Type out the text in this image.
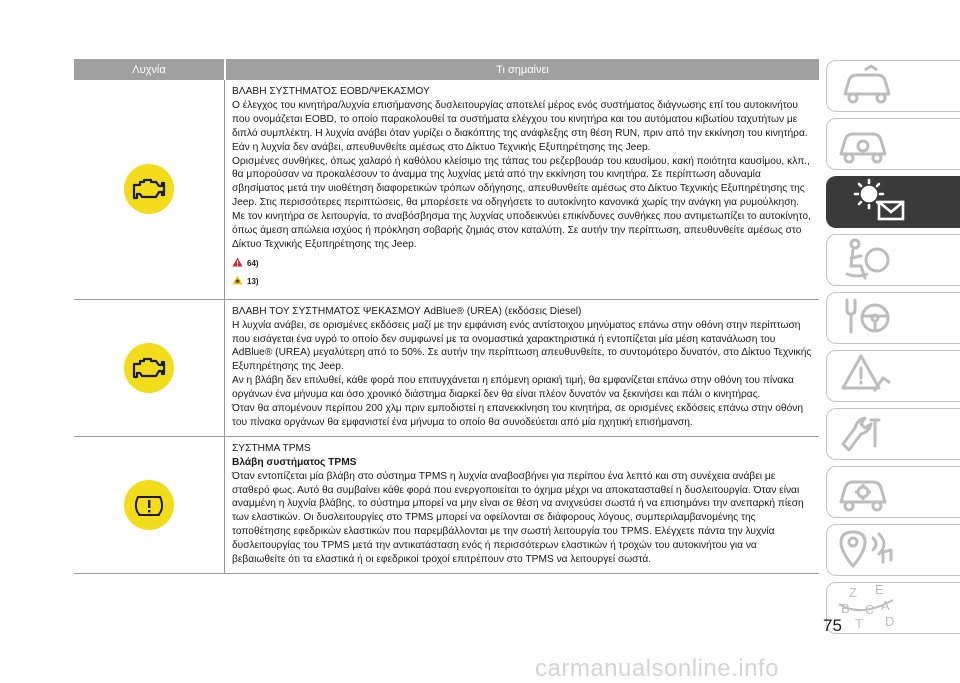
Λυχνία	Τι σημαίνει

ΒΛΑΒΗ ΣΥΣΤΗΜΑΤΟΣ EOBD/ΨΕΚΑΣΜΟΥ

Ο έλεγχος του κινητήρα/λυχνία επισήμανσης δυσλειτουργίας αποτελεί μέρος ενός συστήματος διάγνωσης επί του αυτοκινήτου που ονομάζεται EOBD, το οποίο παρακολουθεί τα συστήματα ελέγχου του κινητήρα και του αυτόματου κιβωτίου ταχυτήτων με διπλό συμπλέκτη. Η λυχνία ανάβει όταν γυρίζει ο διακόπτης της ανάφλεξης στη θέση RUN, πριν από την εκκίνηση του κινητήρα. Εάν η λυχνία δεν ανάβει, απευθυνθείτε αμέσως στο Δίκτυο Τεχνικής Εξυπηρέτησης της Jeep.

Ορισμένες συνθήκες, όπως χαλαρό ή καθόλου κλείσιμο της τάπας του ρεζερβουάρ του καυσίμου, κακή ποιότητα καυσίμου, κλπ., θα μπορούσαν να προκαλέσουν το άναμμα της λυχνίας μετά από την εκκίνηση του κινητήρα. Σε περίπτωση αδυναμία σβησίματος μετά την υιοθέτηση διαφορετικών τρόπων οδήγησης, απευθυνθείτε αμέσως στο Δίκτυο Τεχνικής Εξυπηρέτησης της Jeep. Στις περισσότερες περιπτώσεις, θα μπορέσετε να οδηγήσετε το αυτοκίνητο κανονικά χωρίς την ανάγκη για ρυμούλκηση.

Με τον κινητήρα σε λειτουργία, το αναβόσβησμα της λυχνίας υποδεικνύει επικίνδυνες συνθήκες που αντιμετωπίζει το αυτοκίνητο, όπως άμεση απώλεια ισχύος ή πρόκληση σοβαρής ζημιάς στον καταλύτη. Σε αυτήν την περίπτωση, απευθυνθείτε αμέσως στο Δίκτυο Τεχνικής Εξυπηρέτησης της Jeep.

64)
13)

ΒΛΑΒΗ ΤΟΥ ΣΥΣΤΗΜΑΤΟΣ ΨΕΚΑΣΜΟΥ AdBlue® (UREA) (εκδόσεις Diesel)

Η λυχνία ανάβει, σε ορισμένες εκδόσεις μαζί με την εμφάνιση ενός αντίστοιχου μηνύματος επάνω στην οθόνη στην περίπτωση που εισάγεται ένα υγρό το οποίο δεν συμφωνεί με τα ονομαστικά χαρακτηριστικά ή εντοπίζεται μία μέση κατανάλωση του AdBlue® (UREA) μεγαλύτερη από το 50%. Σε αυτήν την περίπτωση απευθυνθείτε, το συντομότερο δυνατόν, στο Δίκτυο Τεχνικής Εξυπηρέτησης της Jeep.

Αν η βλάβη δεν επιλυθεί, κάθε φορά που επιτυγχάνεται η επόμενη οριακή τιμή, θα εμφανίζεται επάνω στην οθόνη του πίνακα οργάνων ένα μήνυμα και όσο χρονικό διάστημα διαρκεί δεν θα είναι πλέον δυνατόν να ξεκινήσει και πάλι ο κινητήρας.

Όταν θα απομένουν περίπου 200 χλμ πριν εμποδιστεί η επανεκκίνηση του κινητήρα, σε ορισμένες εκδόσεις επάνω στην οθόνη του πίνακα οργάνων θα εμφανιστεί ένα μήνυμα το οποίο θα συνοδεύεται από μία ηχητική επισήμανση.

ΣΥΣΤΗΜΑ TPMS

Βλάβη συστήματος TPMS

Όταν εντοπίζεται μία βλάβη στο σύστημα TPMS η λυχνία αναβοσβήνει για περίπου ένα λεπτό και στη συνέχεια ανάβει με σταθερό φως. Αυτό θα συμβαίνει κάθε φορά που ενεργοποιείται το όχημα μέχρι να αποκατασταθεί η δυσλειτουργία. Όταν είναι αναμμένη η λυχνία βλάβης, το σύστημα μπορεί να μην είναι σε θέση να ανιχνεύσει σωστά ή να επισημάνει την ανεπαρκή πίεση των ελαστικών. Οι δυσλειτουργίες στο TPMS μπορεί να οφείλονται σε διάφορους λόγους, συμπεριλαμβανομένης της τοποθέτησης εφεδρικών ελαστικών που παρεμβάλλονται με την σωστή λειτουργία του TPMS. Ελέγχετε πάντα την λυχνία δυσλειτουργίας του TPMS μετά την αντικατάσταση ενός ή περισσότερων ελαστικών ή τροχών του αυτοκινήτου για να βεβαιωθείτε ότι τα ελαστικά ή οι εφεδρικοί τροχοί επιτρέπουν στο TPMS να λειτουργεί σωστά.

Z E
B C
T
A
D
75
carmanualsonline.info
